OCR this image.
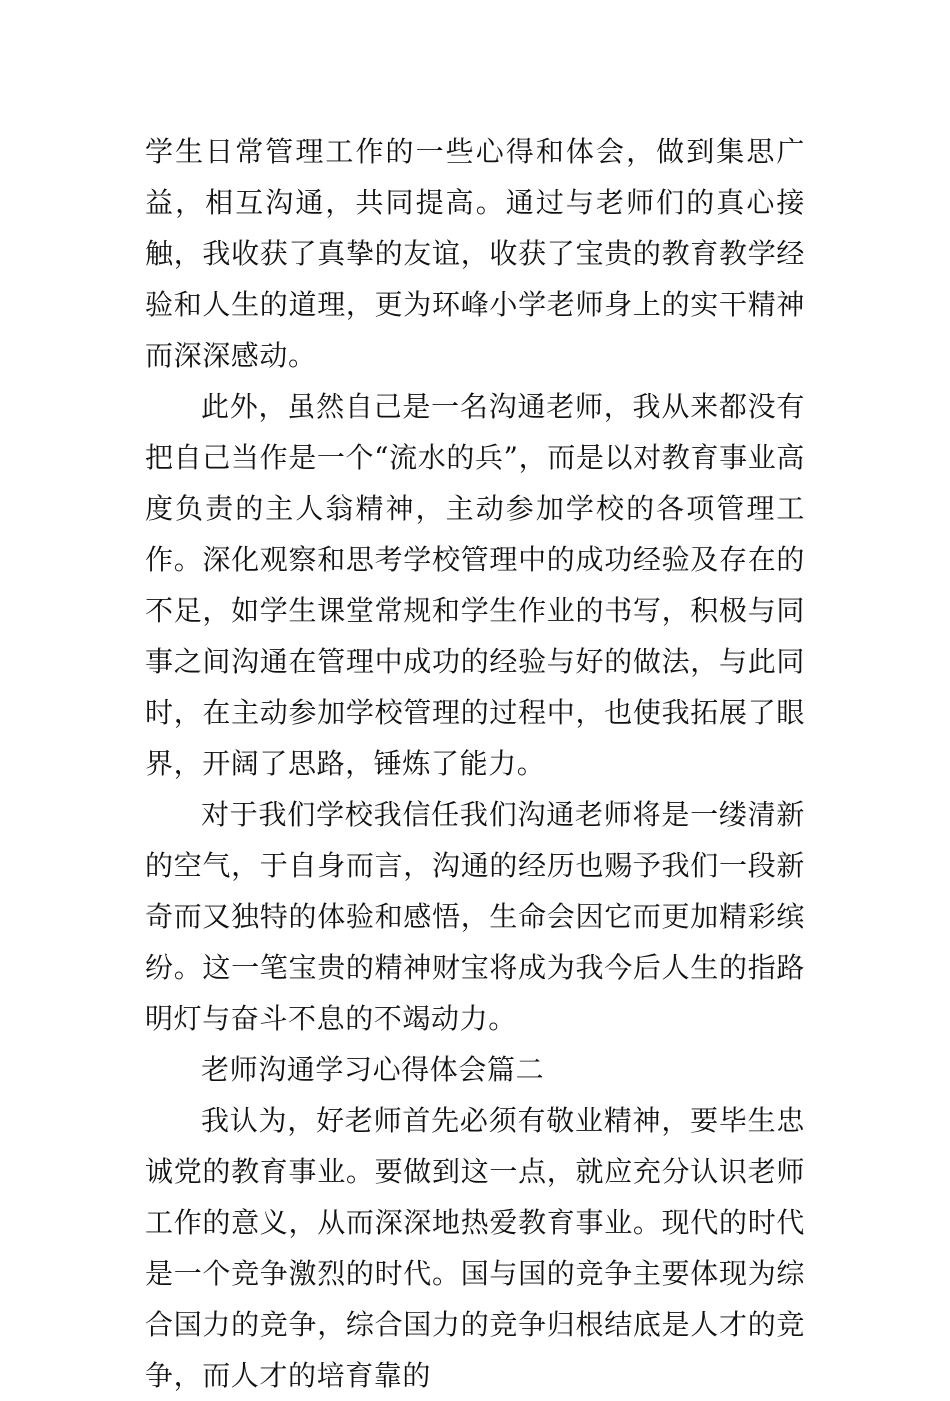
学生日常管理工作的一些心得和体会，做到集思广益，相互沟通，共同提高。通过与老师们的真心接触，我收获了真挚的友谊，收获了宝贵的教育教学经验和人生的道理，更为环峰小学老师身上的实干精神而深深感动。

此外，虽然自己是一名沟通老师，我从来都没有把自己当作是一个“流水的兵”，而是以对教育事业高度负责的主人翁精神，主动参加学校的各项管理工作。深化观察和思考学校管理中的成功经验及存在的不足，如学生课堂常规和学生作业的书写，积极与同事之间沟通在管理中成功的经验与好的做法，与此同时，在主动参加学校管理的过程中，也使我拓展了眼界，开阔了思路，锤炼了能力。

对于我们学校我信任我们沟通老师将是一缕清新的空气，于自身而言，沟通的经历也赐予我们一段新奇而又独特的体验和感悟，生命会因它而更加精彩缤纷。这一笔宝贵的精神财宝将成为我今后人生的指路明灯与奋斗不息的不竭动力。

老师沟通学习心得体会篇二

我认为，好老师首先必须有敬业精神，要毕生忠诚党的教育事业。要做到这一点，就应充分认识老师工作的意义，从而深深地热爱教育事业。现代的时代是一个竞争激烈的时代。国与国的竞争主要体现为综合国力的竞争，综合国力的竞争归根结底是人才的竞争，而人才的培育靠的
